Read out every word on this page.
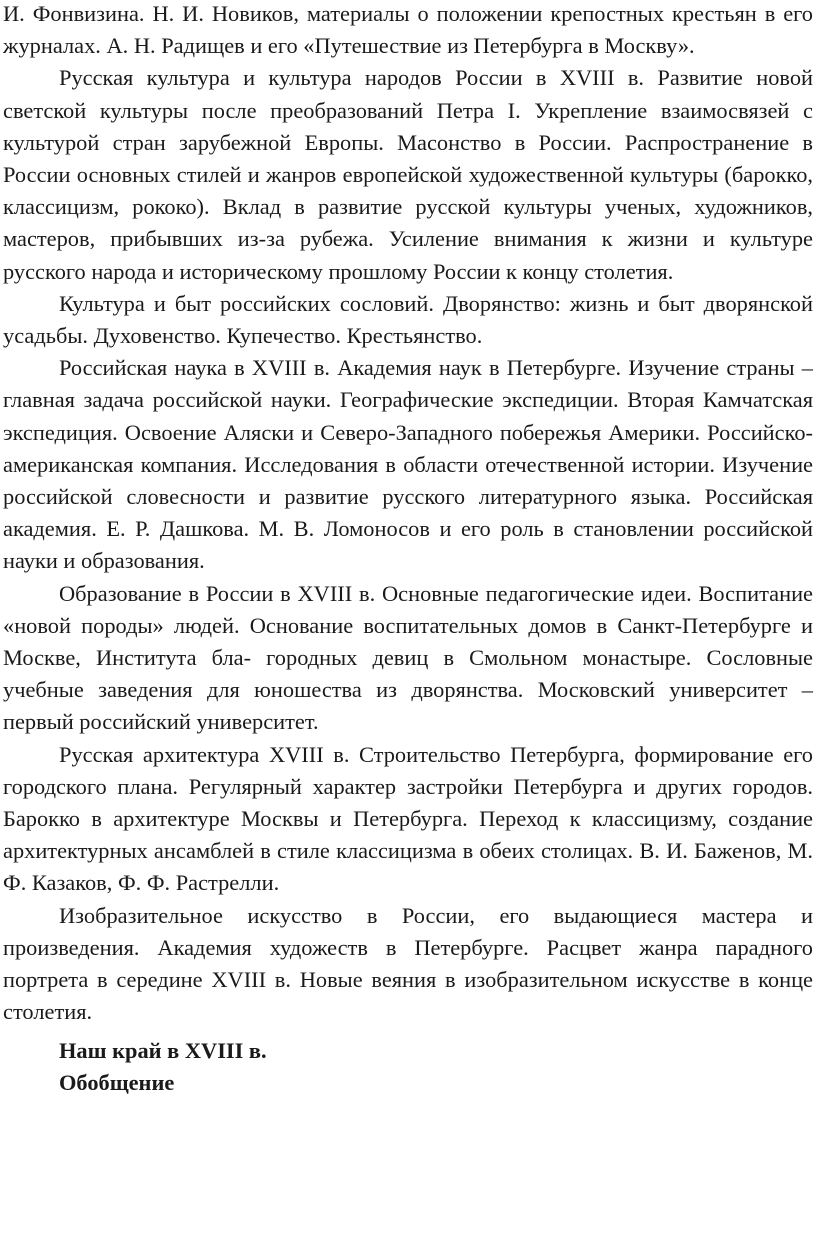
И. Фонвизина. Н. И. Новиков, материалы о положении крепостных крестьян в его журналах. А. Н. Радищев и его «Путешествие из Петербурга в Москву».

Русская культура и культура народов России в XVIII в. Развитие новой светской культуры после преобразований Петра I. Укрепление взаимосвязей с культурой стран зарубежной Европы. Масонство в России. Распространение в России основных стилей и жанров европейской художественной культуры (барокко, классицизм, рококо). Вклад в развитие русской культуры ученых, художников, мастеров, прибывших из-за рубежа. Усиление внимания к жизни и культуре русского народа и историческому прошлому России к концу столетия.

Культура и быт российских сословий. Дворянство: жизнь и быт дворянской усадьбы. Духовенство. Купечество. Крестьянство.

Российская наука в XVIII в. Академия наук в Петербурге. Изучение страны – главная задача российской науки. Географические экспедиции. Вторая Камчатская экспедиция. Освоение Аляски и Северо-Западного побережья Америки. Российско-американская компания. Исследования в области отечественной истории. Изучение российской словесности и развитие русского литературного языка. Российская академия. Е. Р. Дашкова. М. В. Ломоносов и его роль в становлении российской науки и образования.

Образование в России в XVIII в. Основные педагогические идеи. Воспитание «новой породы» людей. Основание воспитательных домов в Санкт-Петербурге и Москве, Института бла- городных девиц в Смольном монастыре. Сословные учебные заведения для юношества из дворянства. Московский университет – первый российский университет.

Русская архитектура XVIII в. Строительство Петербурга, формирование его городского плана. Регулярный характер застройки Петербурга и других городов. Барокко в архитектуре Москвы и Петербурга. Переход к классицизму, создание архитектурных ансамблей в стиле классицизма в обеих столицах. В. И. Баженов, М. Ф. Казаков, Ф. Ф. Растрелли.

Изобразительное искусство в России, его выдающиеся мастера и произведения. Академия художеств в Петербурге. Расцвет жанра парадного портрета в середине XVIII в. Новые веяния в изобразительном искусстве в конце столетия.

Наш край в XVIII в.

Обобщение
